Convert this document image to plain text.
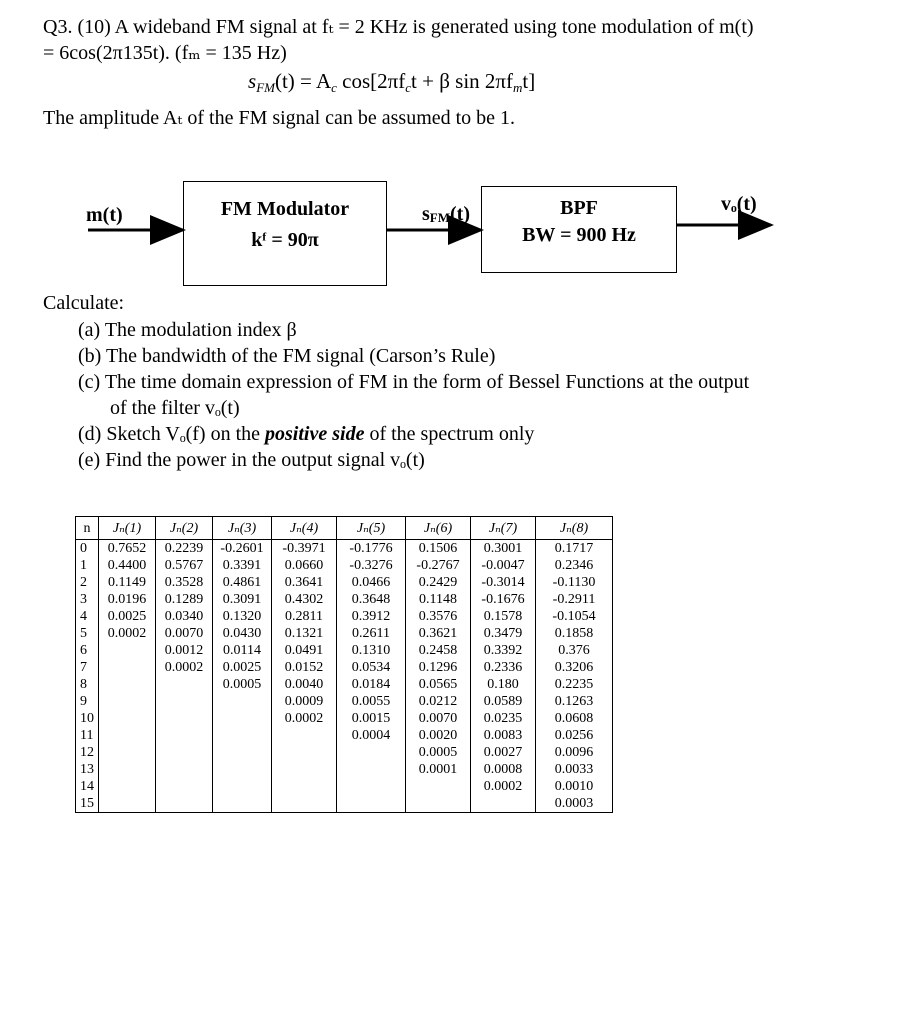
Q3. (10) A wideband FM signal at fₜ = 2 KHz is generated using tone modulation of m(t)
= 6cos(2π135t). (fₘ = 135 Hz)
$s_{FM}(t) = A_c$ $\cos[2\pi f_ct + \beta$ $\sin 2\pi f_mt$]
The amplitude Aₜ of the FM signal can be assumed to be 1.
m(t)	FM Modulator
kᶠ = 90π
sFM(t)	BPF
BW = 900 Hz
vₒ(t)
Calculate:
(a) The modulation index β
(b) The bandwidth of the FM signal (Carson’s Rule)
(c) The time domain expression of FM in the form of Bessel Functions at the output
of the filter vₒ(t)
(d) Sketch Vₒ(f) on the positive side of the spectrum only
(e) Find the power in the output signal vₒ(t)
n	Jₙ(1)	Jₙ(2)	Jₙ(3)	Jₙ(4)	Jₙ(5)	Jₙ(6)	Jₙ(7)	Jₙ(8)
0	0.7652	0.2239	-0.2601	-0.3971	-0.1776	0.1506	0.3001	0.1717
1	0.4400	0.5767	0.3391	0.0660	-0.3276	-0.2767	-0.0047	0.2346
2	0.1149	0.3528	0.4861	0.3641	0.0466	0.2429	-0.3014	-0.1130
3	0.0196	0.1289	0.3091	0.4302	0.3648	0.1148	-0.1676	-0.2911
4	0.0025	0.0340	0.1320	0.2811	0.3912	0.3576	0.1578	-0.1054
5	0.0002	0.0070	0.0430	0.1321	0.2611	0.3621	0.3479	0.1858
6		0.0012	0.0114	0.0491	0.1310	0.2458	0.3392	0.376
7		0.0002	0.0025	0.0152	0.0534	0.1296	0.2336	0.3206
8			0.0005	0.0040	0.0184	0.0565	0.180	0.2235
9				0.0009	0.0055	0.0212	0.0589	0.1263
10				0.0002	0.0015	0.0070	0.0235	0.0608
11					0.0004	0.0020	0.0083	0.0256
12						0.0005	0.0027	0.0096
13						0.0001	0.0008	0.0033
14							0.0002	0.0010
15								0.0003
